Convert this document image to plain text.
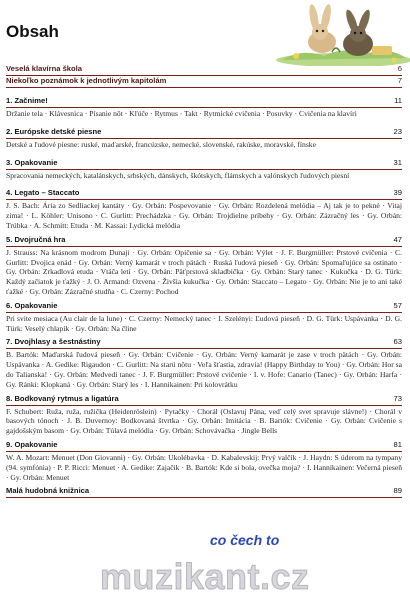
Obsah
Veselá klavírna škola	6
Niekoľko poznámok k jednotlivým kapitolám	7
1. Začnime!	11
Držanie tela · Klávesnica · Písanie nôt · Kľúče · Rytmus · Takt · Rytmické cvičenia · Posuvky · Cvičenia na klavíri
2. Európske detské piesne	23
Detské a ľudové piesne: ruské, maďarské, francúzske, nemecké, slovenské, rakúske, moravské, fínske
3. Opakovanie	31
Spracovania nemeckých, katalánskych, srbských, dánskych, škótskych, flámskych a valónskych ľudových piesní
4. Legato – Staccato	39
J. S. Bach: Ária zo Sedliackej kantáty · Gy. Orbán: Pospevovanie · Gy. Orbán: Rozdelená melódia – Aj tak je to pekné · Vitaj zima! · L. Köhler: Unisono · C. Gurlitt: Prechádzka · Gy. Orbán: Trojdielne príbehy · Gy. Orbán: Zázračný les · Gy. Orbán: Trúbka · A. Schmitt: Etuda · M. Kassai: Lydická melódia
5. Dvojručná hra	47
J. Strauss: Na krásnom modrom Dunaji · Gy. Orbán: Opičenie sa · Gy. Orbán: Výlet · J. F. Burgmüller: Prstové cvičenia · C. Gurlitt: Dvojica enád · Gy. Orbán: Verný kamarát v troch pätách · Ruská ľudová pieseň · Gy. Orbán: Spomaľujúce sa ostinato · Gy. Orbán: Zrkadlová etuda · Vtáča letí · Gy. Orbán: Päťprstová skladbička · Gy. Orbán: Starý tanec · Kukučka · D. G. Türk: Každý začiatok je ťažký · J. O. Armand: Ozvena · Živšia kukučka · Gy. Orbán: Staccato – Legato · Gy. Orbán: Nie je to ani také ťažké · Gy. Orbán: Zázračné studňa · C. Czerny: Pochod
6. Opakovanie	57
Pri svite mesiaca (Au clair de la lune) · C. Czerny: Nemecký tanec · I. Szelényi: Ľudová pieseň · D. G. Türk: Uspávanka · D. G. Türk: Veselý chlapík · Gy. Orbán: Na čline
7. Dvojhlasy a šestnástiny	63
B. Bartók: Maďarská ľudová pieseň · Gy. Orbán: Cvičenie · Gy. Orbán: Verný kamarát je zase v troch pätách · Gy. Orbán: Uspávanka · A. Gedike: Rigaudon · C. Gurlitt: Na starú nôtu · Veľa šťastia, zdravia! (Happy Birthday to You) · Gy. Orbán: Hor sa do Talianska! · Gy. Orbán: Medvedí tanec · J. F. Burgmüller: Prstové cvičenie · I. v. Hofe: Canario (Tanec) · Gy. Orbán: Harfa · Gy. Ránki: Klopkaná · Gy. Orbán: Starý les · I. Hannikainen: Pri kolovrátku
8. Bodkovaný rytmus a ligatúra	73
F. Schubert: Ruža, ruža, ružička (Heidenröslein) · Pytačky · Chorál (Oslavuj Pána, veď celý svet spravuje slávne!) · Chorál v basových tónoch · J. B. Duvernoy: Bodkovaná štvrtka · Gy. Orbán: Imitácia · B. Bartók: Cvičenie · Gy. Orbán: Cvičenie s gajdošským basom · Gy. Orbán: Túlavá melódia · Gy. Orbán: Schovávačka · Jingle Bells
9. Opakovanie	81
W. A. Mozart: Menuet (Don Giovanni) · Gy. Orbán: Ukolébavka · D. Kabalevskij: Prvý valčík · J. Haydn: S úderom na tympany (94. symfónia) · P. P. Ricci: Menuet · A. Gedike: Zajačik · B. Bartók: Kde si bola, ovečka moja? · I. Hannikainen: Večerná pieseň · Gy. Orbán: Menuet
Malá hudobná knižnica	89
co čech to
muzikant.cz
